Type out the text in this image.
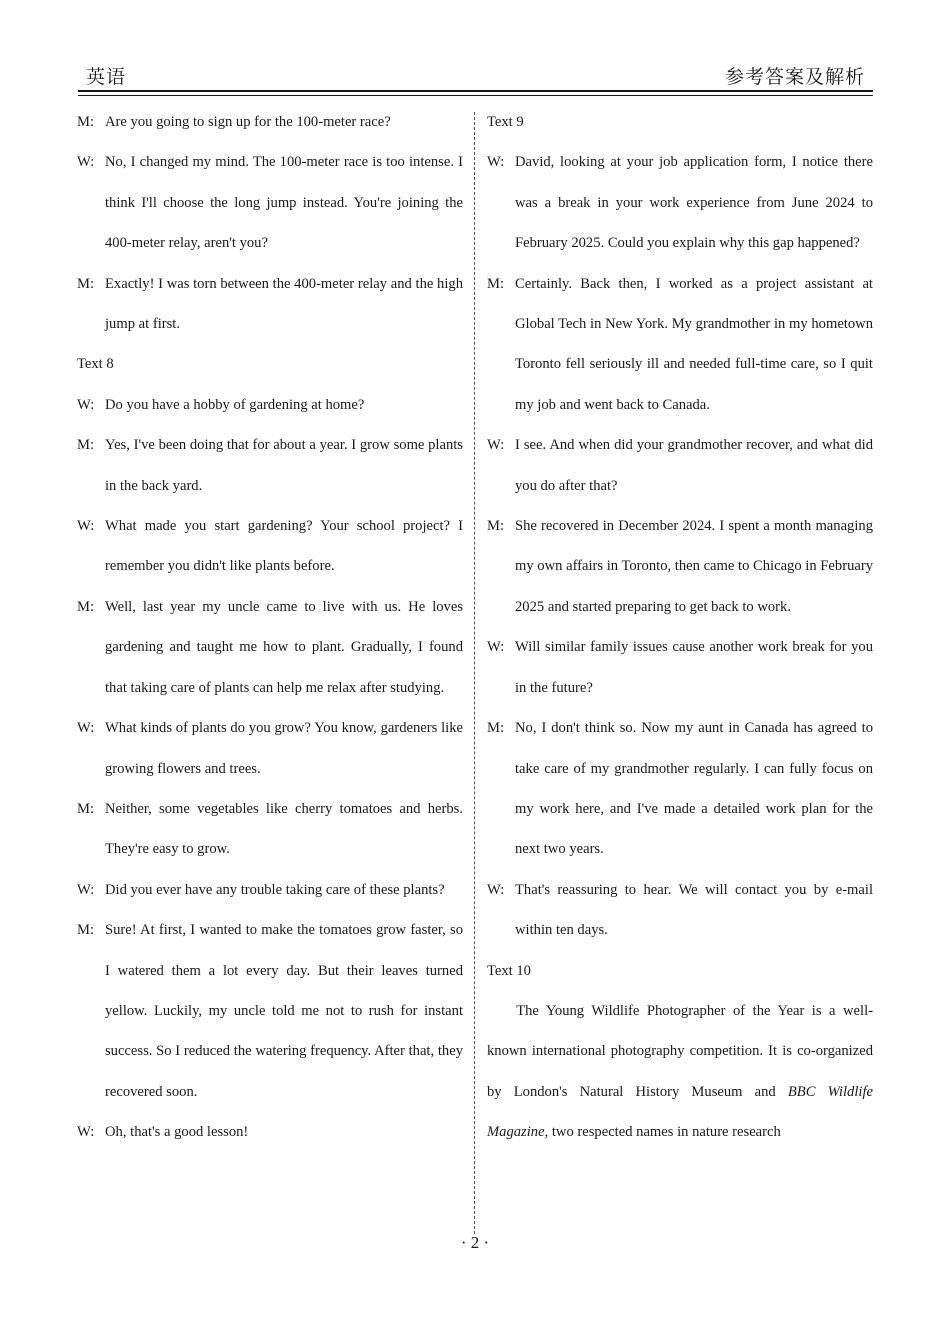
英语	参考答案及解析
M: Are you going to sign up for the 100-meter race?
W: No, I changed my mind. The 100-meter race is too intense. I think I'll choose the long jump instead. You're joining the 400-meter relay, aren't you?
M: Exactly! I was torn between the 400-meter relay and the high jump at first.
Text 8
W: Do you have a hobby of gardening at home?
M: Yes, I've been doing that for about a year. I grow some plants in the back yard.
W: What made you start gardening? Your school project? I remember you didn't like plants before.
M: Well, last year my uncle came to live with us. He loves gardening and taught me how to plant. Gradually, I found that taking care of plants can help me relax after studying.
W: What kinds of plants do you grow? You know, gardeners like growing flowers and trees.
M: Neither, some vegetables like cherry tomatoes and herbs. They're easy to grow.
W: Did you ever have any trouble taking care of these plants?
M: Sure! At first, I wanted to make the tomatoes grow faster, so I watered them a lot every day. But their leaves turned yellow. Luckily, my uncle told me not to rush for instant success. So I reduced the watering frequency. After that, they recovered soon.
W: Oh, that's a good lesson!
Text 9
W: David, looking at your job application form, I notice there was a break in your work experience from June 2024 to February 2025. Could you explain why this gap happened?
M: Certainly. Back then, I worked as a project assistant at Global Tech in New York. My grandmother in my hometown Toronto fell seriously ill and needed full-time care, so I quit my job and went back to Canada.
W: I see. And when did your grandmother recover, and what did you do after that?
M: She recovered in December 2024. I spent a month managing my own affairs in Toronto, then came to Chicago in February 2025 and started preparing to get back to work.
W: Will similar family issues cause another work break for you in the future?
M: No, I don't think so. Now my aunt in Canada has agreed to take care of my grandmother regularly. I can fully focus on my work here, and I've made a detailed work plan for the next two years.
W: That's reassuring to hear. We will contact you by e-mail within ten days.
Text 10
The Young Wildlife Photographer of the Year is a well-known international photography competition. It is co-organized by London's Natural History Museum and BBC Wildlife Magazine, two respected names in nature research
· 2 ·
